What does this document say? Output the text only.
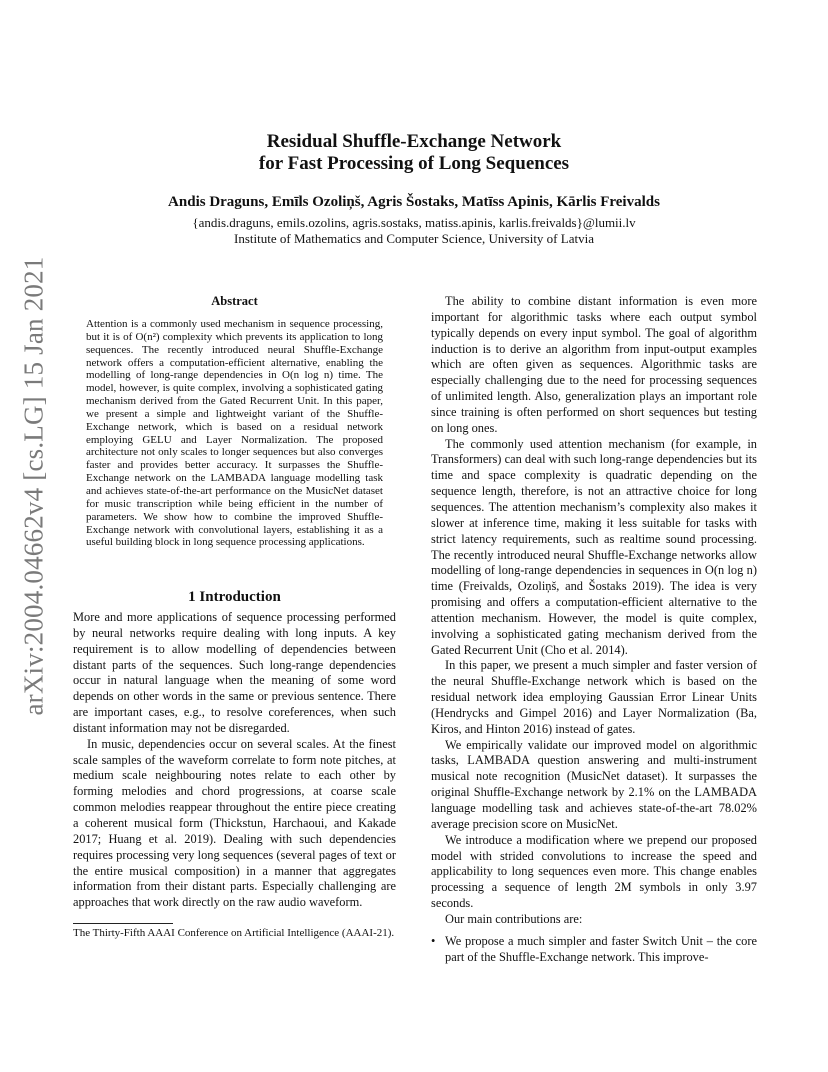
arXiv:2004.04662v4 [cs.LG] 15 Jan 2021
Residual Shuffle-Exchange Network
for Fast Processing of Long Sequences
Andis Draguns, Emīls Ozoliņš, Agris Šostaks, Matīss Apinis, Kārlis Freivalds
{andis.draguns, emils.ozolins, agris.sostaks, matiss.apinis, karlis.freivalds}@lumii.lv
Institute of Mathematics and Computer Science, University of Latvia
Abstract
Attention is a commonly used mechanism in sequence processing, but it is of O(n²) complexity which prevents its application to long sequences. The recently introduced neural Shuffle-Exchange network offers a computation-efficient alternative, enabling the modelling of long-range dependencies in O(n log n) time. The model, however, is quite complex, involving a sophisticated gating mechanism derived from the Gated Recurrent Unit. In this paper, we present a simple and lightweight variant of the Shuffle-Exchange network, which is based on a residual network employing GELU and Layer Normalization. The proposed architecture not only scales to longer sequences but also converges faster and provides better accuracy. It surpasses the Shuffle-Exchange network on the LAMBADA language modelling task and achieves state-of-the-art performance on the MusicNet dataset for music transcription while being efficient in the number of parameters. We show how to combine the improved Shuffle-Exchange network with convolutional layers, establishing it as a useful building block in long sequence processing applications.
1 Introduction

More and more applications of sequence processing performed by neural networks require dealing with long inputs. A key requirement is to allow modelling of dependencies between distant parts of the sequences. Such long-range dependencies occur in natural language when the meaning of some word depends on other words in the same or previous sentence. There are important cases, e.g., to resolve coreferences, when such distant information may not be disregarded.

In music, dependencies occur on several scales. At the finest scale samples of the waveform correlate to form note pitches, at medium scale neighbouring notes relate to each other by forming melodies and chord progressions, at coarse scale common melodies reappear throughout the entire piece creating a coherent musical form (Thickstun, Harchaoui, and Kakade 2017; Huang et al. 2019). Dealing with such dependencies requires processing very long sequences (several pages of text or the entire musical composition) in a manner that aggregates information from their distant parts. Especially challenging are approaches that work directly on the raw audio waveform.

The Thirty-Fifth AAAI Conference on Artificial Intelligence (AAAI-21).

The ability to combine distant information is even more important for algorithmic tasks where each output symbol typically depends on every input symbol. The goal of algorithm induction is to derive an algorithm from input-output examples which are often given as sequences. Algorithmic tasks are especially challenging due to the need for processing sequences of unlimited length. Also, generalization plays an important role since training is often performed on short sequences but testing on long ones.

The commonly used attention mechanism (for example, in Transformers) can deal with such long-range dependencies but its time and space complexity is quadratic depending on the sequence length, therefore, is not an attractive choice for long sequences. The attention mechanism’s complexity also makes it slower at inference time, making it less suitable for tasks with strict latency requirements, such as realtime sound processing. The recently introduced neural Shuffle-Exchange networks allow modelling of long-range dependencies in sequences in O(n log n) time (Freivalds, Ozoliņš, and Šostaks 2019). The idea is very promising and offers a computation-efficient alternative to the attention mechanism. However, the model is quite complex, involving a sophisticated gating mechanism derived from the Gated Recurrent Unit (Cho et al. 2014).

In this paper, we present a much simpler and faster version of the neural Shuffle-Exchange network which is based on the residual network idea employing Gaussian Error Linear Units (Hendrycks and Gimpel 2016) and Layer Normalization (Ba, Kiros, and Hinton 2016) instead of gates.

We empirically validate our improved model on algorithmic tasks, LAMBADA question answering and multi-instrument musical note recognition (MusicNet dataset). It surpasses the original Shuffle-Exchange network by 2.1% on the LAMBADA language modelling task and achieves state-of-the-art 78.02% average precision score on MusicNet.

We introduce a modification where we prepend our proposed model with strided convolutions to increase the speed and applicability to long sequences even more. This change enables processing a sequence of length 2M symbols in only 3.97 seconds.

Our main contributions are:

• We propose a much simpler and faster Switch Unit – the core part of the Shuffle-Exchange network. This improve-
